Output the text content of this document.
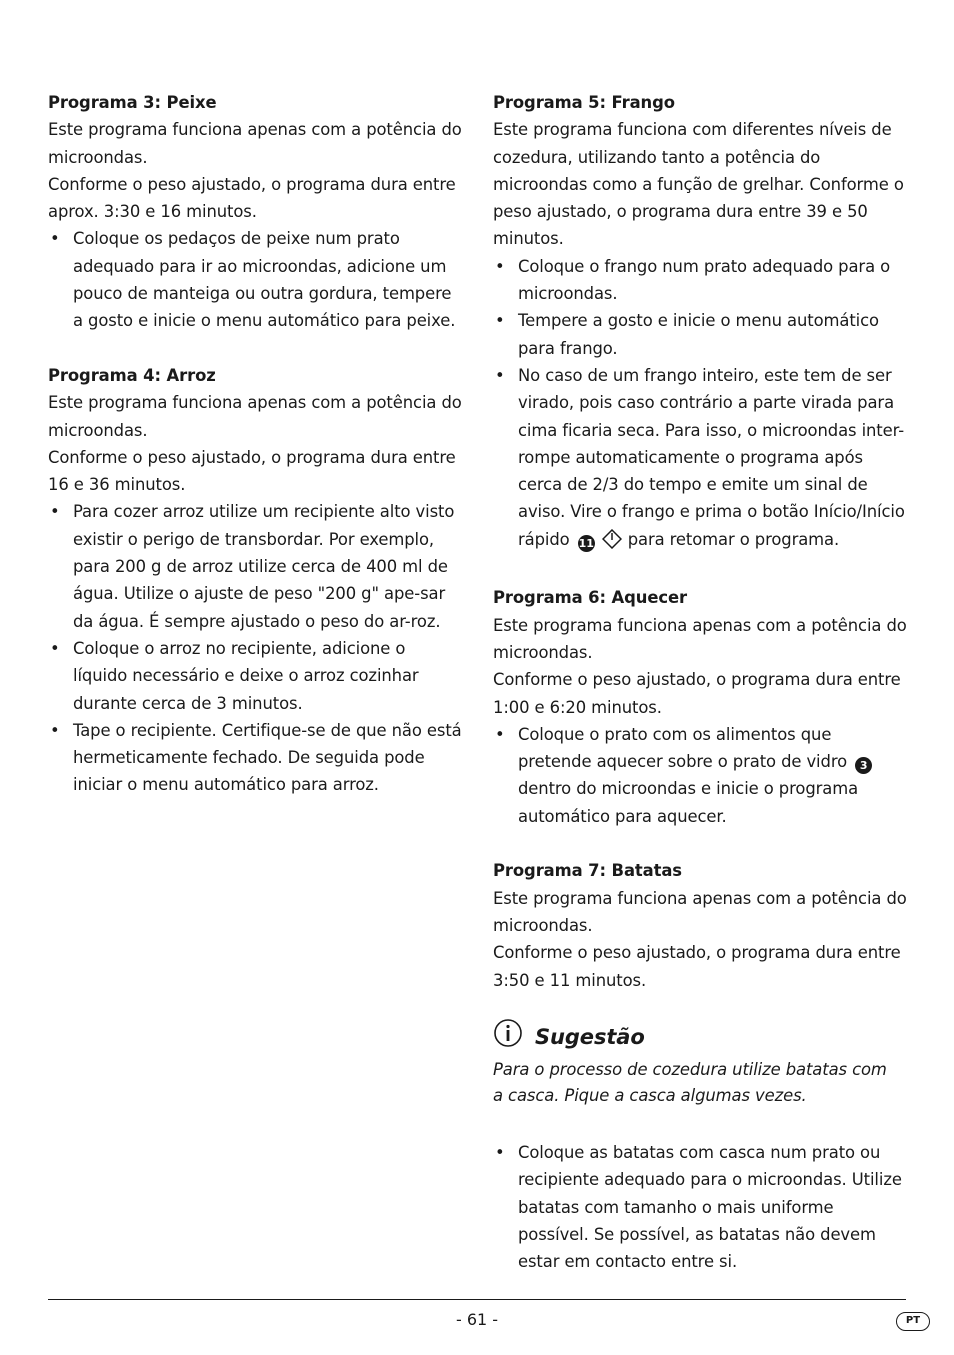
Programa 3: Peixe

Este programa funciona apenas com a potência do microondas.

Conforme o peso ajustado, o programa dura entre aprox. 3:30 e 16 minutos.

• Coloque os pedaços de peixe num prato adequado para ir ao microondas, adicione um pouco de manteiga ou outra gordura, tempere a gosto e inicie o menu automático para peixe.
Programa 4: Arroz

Este programa funciona apenas com a potência do microondas.

Conforme o peso ajustado, o programa dura entre 16 e 36 minutos.

• Para cozer arroz utilize um recipiente alto visto existir o perigo de transbordar. Por exemplo, para 200 g de arroz utilize cerca de 400 ml de água. Utilize o ajuste de peso "200 g" ape-sar da água. É sempre ajustado o peso do ar-roz.
• Coloque o arroz no recipiente, adicione o líquido necessário e deixe o arroz cozinhar durante cerca de 3 minutos.
• Tape o recipiente. Certifique-se de que não está hermeticamente fechado. De seguida pode iniciar o menu automático para arroz.
Programa 5: Frango

Este programa funciona com diferentes níveis de cozedura, utilizando tanto a potência do microondas como a função de grelhar. Conforme o peso ajustado, o programa dura entre 39 e 50 minutos.

• Coloque o frango num prato adequado para o microondas.
• Tempere a gosto e inicie o menu automático para frango.
• No caso de um frango inteiro, este tem de ser virado, pois caso contrário a parte virada para cima ficaria seca. Para isso, o microondas inter-rompe automaticamente o programa após cerca de 2/3 do tempo e emite um sinal de aviso. Vire o frango e prima o botão Início/Início rápido 11 para retomar o programa.
Programa 6: Aquecer

Este programa funciona apenas com a potência do microondas.

Conforme o peso ajustado, o programa dura entre 1:00 e 6:20 minutos.

• Coloque o prato com os alimentos que pretende aquecer sobre o prato de vidro 3 dentro do microondas e inicie o programa automático para aquecer.
Programa 7: Batatas

Este programa funciona apenas com a potência do microondas.

Conforme o peso ajustado, o programa dura entre 3:50 e 11 minutos.

Sugestão

Para o processo de cozedura utilize batatas com a casca. Pique a casca algumas vezes.

• Coloque as batatas com casca num prato ou recipiente adequado para o microondas. Utilize batatas com tamanho o mais uniforme possível. Se possível, as batatas não devem estar em contacto entre si.
- 61 -	PT
